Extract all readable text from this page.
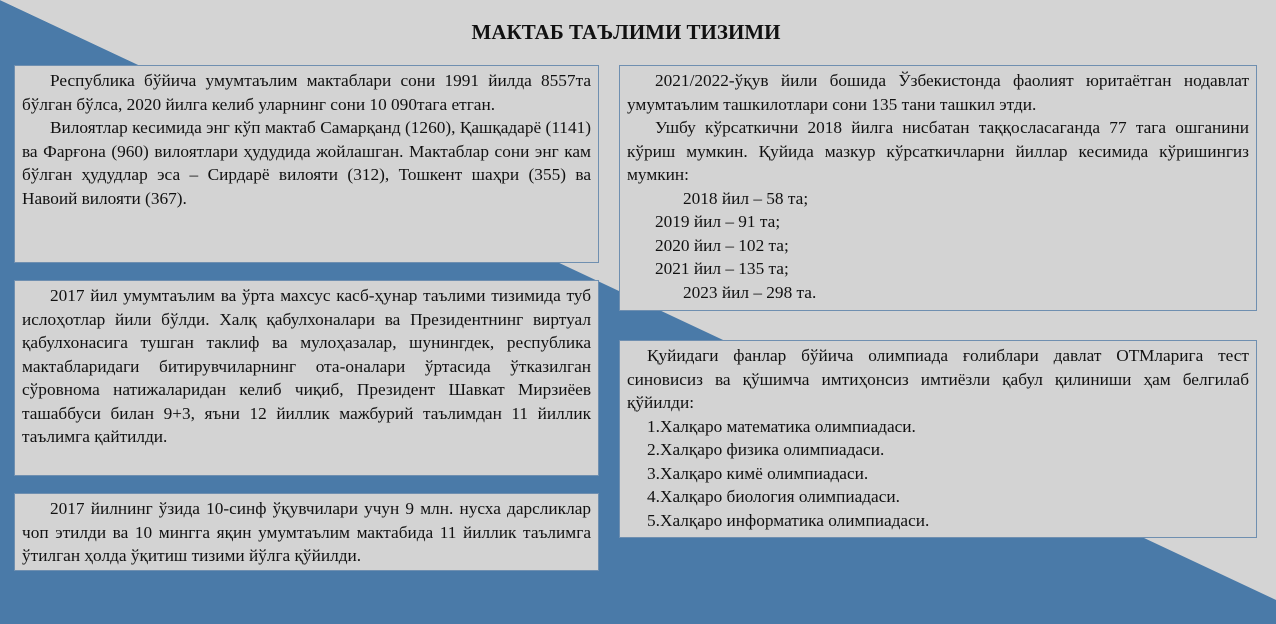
МАКТАБ ТАЪЛИМИ ТИЗИМИ

Республика бўйича умумтаълим мактаблари сони 1991 йилда 8557та бўлган бўлса, 2020 йилга келиб уларнинг сони 10 090тага етган.

Вилоятлар кесимида энг кўп мактаб Самарқанд (1260), Қашқадарё (1141) ва Фарғона (960) вилоятлари ҳудудида жойлашган. Мактаблар сони энг кам бўлган ҳудудлар эса – Сирдарё вилояти (312), Тошкент шаҳри (355) ва Навоий вилояти (367).

2017 йил умумтаълим ва ўрта махсус касб-ҳунар таълими тизимида туб ислоҳотлар йили бўлди. Халқ қабулхоналари ва Президентнинг виртуал қабулхонасига тушган таклиф ва мулоҳазалар, шунингдек, республика мактабларидаги битирувчиларнинг ота-оналари ўртасида ўтказилган сўровнома натижаларидан келиб чиқиб, Президент Шавкат Мирзиёев ташаббуси билан 9+3, яъни 12 йиллик мажбурий таълимдан 11 йиллик таълимга қайтилди.

2017 йилнинг ўзида 10-синф ўқувчилари учун 9 млн. нусха дарсликлар чоп этилди ва 10 мингга яқин умумтаълим мактабида 11 йиллик таълимга ўтилган ҳолда ўқитиш тизими йўлга қўйилди.

2021/2022-ўқув йили бошида Ўзбекистонда фаолият юритаётган нодавлат умумтаълим ташкилотлари сони 135 тани ташкил этди.

Ушбу кўрсаткични 2018 йилга нисбатан таққосласаганда 77 тага ошганини кўриш мумкин. Қуйида мазкур кўрсаткичларни йиллар кесимида кўришингиз мумкин:

2018 йил – 58 та;
2019 йил – 91 та;
2020 йил – 102 та;
2021 йил – 135 та;
2023 йил – 298 та.

Қуйидаги фанлар бўйича олимпиада ғолиблари давлат ОТМларига тест синовисиз ва қўшимча имтиҳонсиз имтиёзли қабул қилиниши ҳам белгилаб қўйилди:

1.Халқаро математика олимпиадаси.
2.Халқаро физика олимпиадаси.
3.Халқаро кимё олимпиадаси.
4.Халқаро биология олимпиадаси.
5.Халқаро информатика олимпиадаси.
